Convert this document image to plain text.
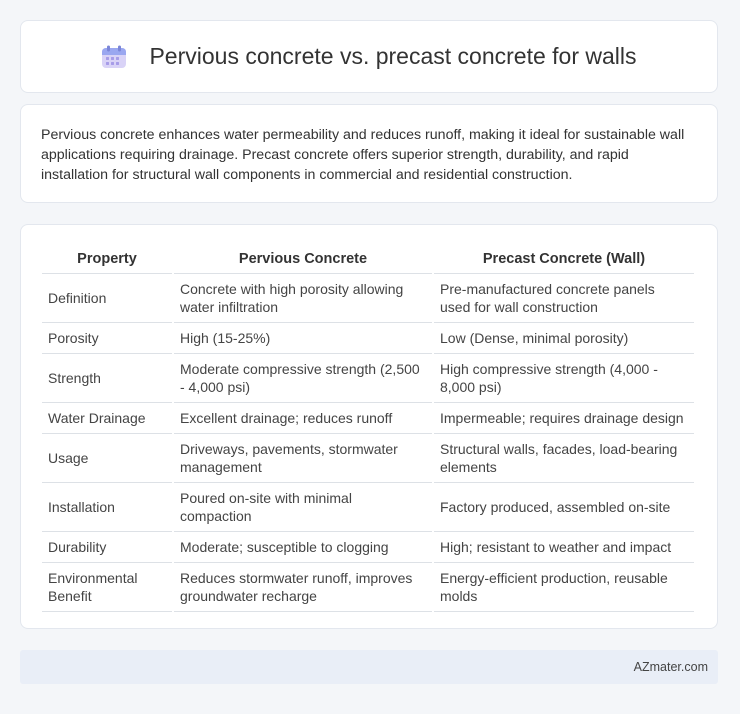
Pervious concrete vs. precast concrete for walls

Pervious concrete enhances water permeability and reduces runoff, making it ideal for sustainable wall applications requiring drainage. Precast concrete offers superior strength, durability, and rapid installation for structural wall components in commercial and residential construction.

Property	Pervious Concrete	Precast Concrete (Wall)
Definition	Concrete with high porosity allowing water infiltration	Pre-manufactured concrete panels used for wall construction
Porosity	High (15-25%)	Low (Dense, minimal porosity)
Strength	Moderate compressive strength (2,500 - 4,000 psi)	High compressive strength (4,000 - 8,000 psi)
Water Drainage	Excellent drainage; reduces runoff	Impermeable; requires drainage design
Usage	Driveways, pavements, stormwater management	Structural walls, facades, load-bearing elements
Installation	Poured on-site with minimal compaction	Factory produced, assembled on-site
Durability	Moderate; susceptible to clogging	High; resistant to weather and impact
Environmental Benefit	Reduces stormwater runoff, improves groundwater recharge	Energy-efficient production, reusable molds
AZmater.com
